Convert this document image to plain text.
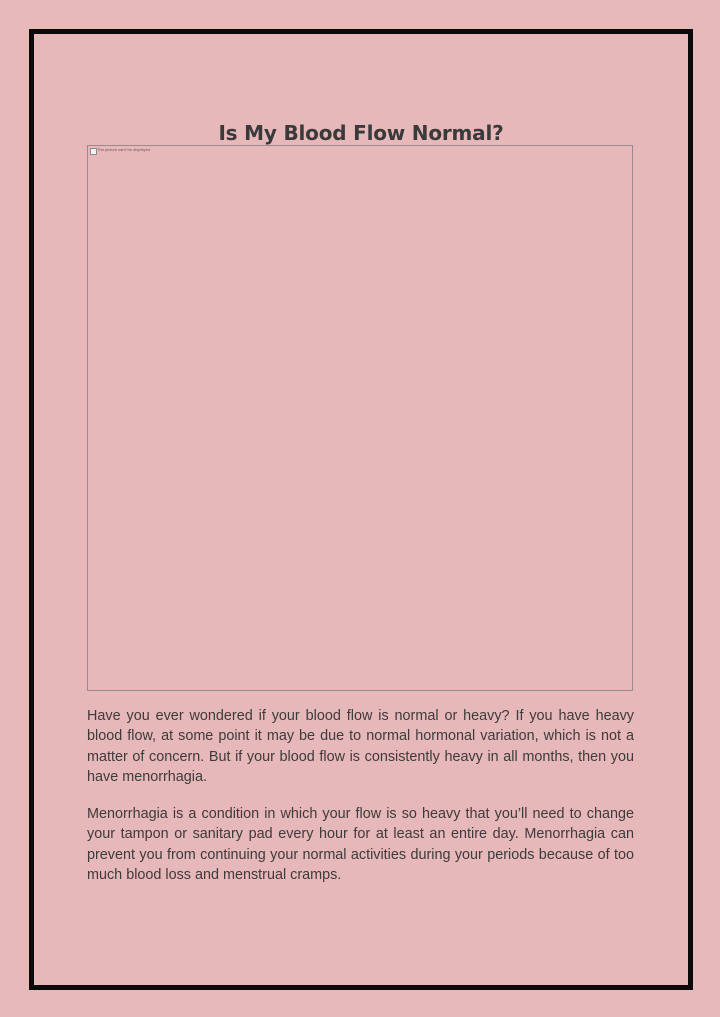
Is My Blood Flow Normal?
The picture can't be displayed.

Have you ever wondered if your blood flow is normal or heavy? If you have heavy blood flow, at some point it may be due to normal hormonal variation, which is not a matter of concern. But if your blood flow is consistently heavy in all months, then you have menorrhagia.

Menorrhagia is a condition in which your flow is so heavy that you’ll need to change your tampon or sanitary pad every hour for at least an entire day. Menorrhagia can prevent you from continuing your normal activities during your periods because of too much blood loss and menstrual cramps.
